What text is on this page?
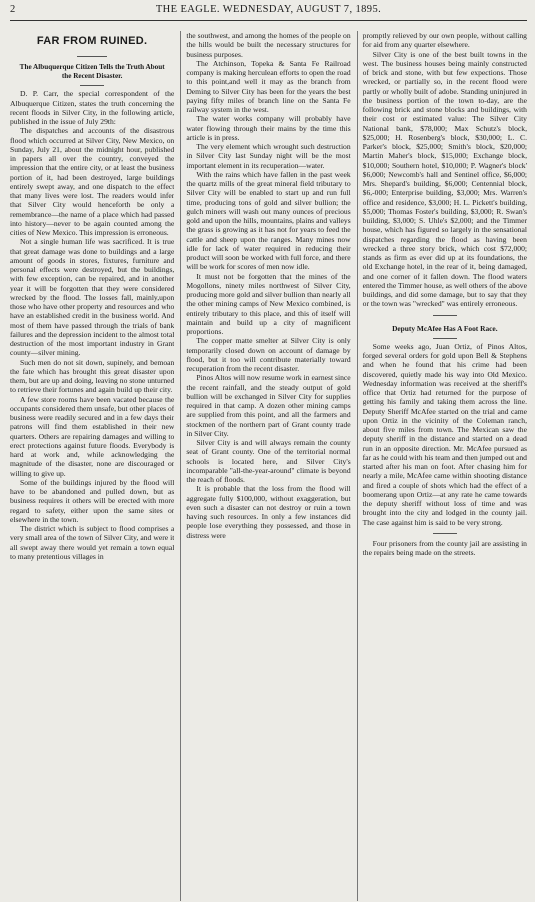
2	THE EAGLE. WEDNESDAY, AUGUST 7, 1895.
FAR FROM RUINED.
The Albuquerque Citizen Tells the Truth About the Recent Disaster.

D. P. Carr, the special correspondent of the Albuquerque Citizen, states the truth concerning the recent floods in Silver City, in the following article, published in the issue of July 29th:

The dispatches and accounts of the disastrous flood which occurred at Silver City, New Mexico, on Sunday, July 21, about the midnight hour, published in papers all over the country, conveyed the impression that the entire city, or at least the business portion of it, had been destroyed, large buildings entirely swept away, and one dispatch to the effect that many lives were lost. The readers would infer that Silver City would henceforth be only a remembrance—the name of a place which had passed into history—never to be again counted among the cities of New Mexico. This impression is erroneous.

Not a single human life was sacrificed. It is true that great damage was done to buildings and a large amount of goods in stores, fixtures, furniture and personal effects were destroyed, but the buildings, with few exception, can be repaired, and in another year it will be forgotten that they were considered wrecked by the flood. The losses fall, mainly,upon those who have other property and resources and who have an established credit in the business world. And most of them have passed through the trials of bank failures and the depression incident to the almost total destruction of the most important industry in Grant county—silver mining.

Such men do not sit down, supinely, and bemoan the fate which has brought this great disaster upon them, but are up and doing, leaving no stone unturned to retrieve their fortunes and again build up their city.

A few store rooms have been vacated because the occupants considered them unsafe, but other places of business were readily secured and in a few days their patrons will find them established in their new quarters. Others are repairing damages and willing to erect protections against future floods. Everybody is hard at work and, while acknowledging the magnitude of the disaster, none are discouraged or willing to give up.

Some of the buildings injured by the flood will have to be abandoned and pulled down, but as business requires it others will be erected with more regard to safety, either upon the same sites or elsewhere in the town.

The district which is subject to flood comprises a very small area of the town of Silver City, and were it all swept away there would yet remain a town equal to many pretentious villages in

the southwest, and among the homes of the people on the hills would be built the necessary structures for business purposes.

The Atchinson, Topeka & Santa Fe Railroad company is making herculean efforts to open the road to this point,and well it may as the branch from Deming to Silver City has been for the years the best paying fifty miles of branch line on the Santa Fe railway system in the west.

The water works company will probably have water flowing through their mains by the time this article is in press.

The very element which wrought such destruction in Silver City last Sunday night will be the most important element in its recuperation—water.

With the rains which have fallen in the past week the quartz mills of the great mineral field tributary to Silver City will be enabled to start up and run full time, producing tons of gold and silver bullion; the gulch miners will wash out many ounces of precious gold and upon the hills, mountains, plains and valleys the grass is growing as it has not for years to feed the cattle and sheep upon the ranges. Many mines now idle for lack of water required in reducing their product will soon be worked with full force, and there will be work for scores of men now idle.

It must not be forgotten that the mines of the Mogollons, ninety miles northwest of Silver City, producing more gold and silver bullion than nearly all the other mining camps of New Mexico combined, is entirely tributary to this place, and this of itself will maintain and build up a city of magnificent proportions.

The copper matte smelter at Silver City is only temporarily closed down on account of damage by flood, but it too will contribute materially toward recuperation from the recent disaster.

Pinos Altos will now resume work in earnest since the recent rainfall, and the steady output of gold bullion will be exchanged in Silver City for supplies required in that camp. A dozen other mining camps are supplied from this point, and all the farmers and stockmen of the northern part of Grant county trade in Silver City.

Silver City is and will always remain the county seat of Grant county. One of the territorial normal schools is located here, and Silver City's incomparable "all-the-year-around" climate is beyond the reach of floods.

It is probable that the loss from the flood will aggregate fully $100,000, without exaggeration, but even such a disaster can not destroy or ruin a town having such resources. In only a few instances did people lose everything they possessed, and those in distress were

promptly relieved by our own people, without calling for aid from any quarter elsewhere.

Silver City is one of the best built towns in the west. The business houses being mainly constructed of brick and stone, with but few expections. Those wrecked, or partially so, in the recent flood were partly or wholly built of adobe. Standing uninjured in the business portion of the town to-day, are the following brick and stone blocks and buildings, with their cost or estimated value: The Silver City National bank, $78,000; Max Schutz's block, $25,000; H. Rosenberg's block, $30,000; L. C. Parker's block, $25,000; Smith's block, $20,000; Martin Maher's block, $15,000; Exchange block, $10,000; Southern hotel, $10,000; P. Wagner's block' $6,000; Newcomb's hall and Sentinel office, $6,000; Mrs. Shepard's building, $6,000; Centennial block, $6,-000; Enterprise building, $3,000; Mrs. Warren's office and residence, $3,000; H. L. Pickett's building, $5,000; Thomas Foster's building, $3,000; R. Swan's building, $3,000; S. Uhle's $2,000; and the Timmer house, which has figured so largely in the sensational dispatches regarding the flood as having been wrecked a three story brick, which cost $72,000; stands as firm as ever did up at its foundations, the old Exchange hotel, in the rear of it, being damaged, and one corner of it fallen down. The flood waters entered the Timmer house, as well others of the above buildings, and did some damage, but to say that they or the town was "wrecked" was entirely erroneous.

Deputy McAfee Has A Foot Race.

Some weeks ago, Juan Ortiz, of Pinos Altos, forged several orders for gold upon Bell & Stephens and when he found that his crime had been discovered, quietly made his way into Old Mexico. Wednesday information was received at the sheriff's office that Ortiz had returned for the purpose of getting his family and taking them across the line. Deputy Sheriff McAfee started on the trial and came upon Ortiz in the vicinity of the Coleman ranch, about five miles from town. The Mexican saw the deputy sheriff in the distance and started on a dead run in an opposite direction. Mr. McAfee pursued as far as he could with his team and then jumped out and started after his man on foot. After chasing him for nearly a mile, McAfee came within shooting distance and fired a couple of shots which had the effect of a boomerang upon Ortiz—at any rate he came towards the deputy sheriff without loss of time and was brought into the city and lodged in the county jail. The case against him is said to be very strong.

Four prisoners from the county jail are assisting in the repairs being made on the streets.
